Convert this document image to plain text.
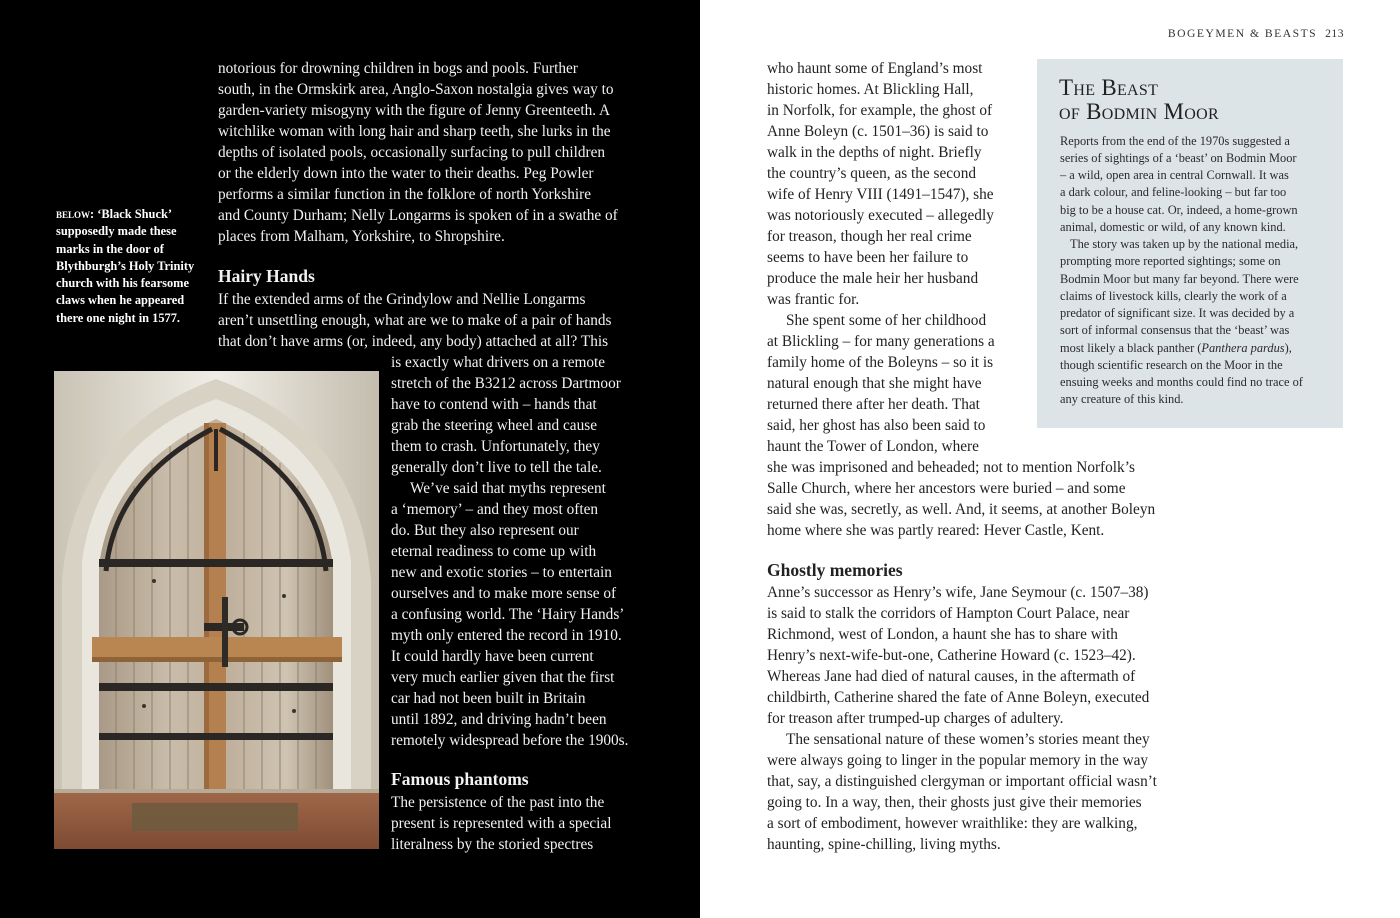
notorious for drowning children in bogs and pools. Further
south, in the Ormskirk area, Anglo-Saxon nostalgia gives way to
garden-variety misogyny with the figure of Jenny Greenteeth. A
witchlike woman with long hair and sharp teeth, she lurks in the
depths of isolated pools, occasionally surfacing to pull children
or the elderly down into the water to their deaths. Peg Powler
performs a similar function in the folklore of north Yorkshire
and County Durham; Nelly Longarms is spoken of in a swathe of
places from Malham, Yorkshire, to Shropshire.
Hairy Hands
If the extended arms of the Grindylow and Nellie Longarms
aren’t unsettling enough, what are we to make of a pair of hands
that don’t have arms (or, indeed, any body) attached at all? This
is exactly what drivers on a remote
stretch of the B3212 across Dartmoor
have to contend with – hands that
grab the steering wheel and cause
them to crash. Unfortunately, they
generally don’t live to tell the tale.
We’ve said that myths represent
a ‘memory’ – and they most often
do. But they also represent our
eternal readiness to come up with
new and exotic stories – to entertain
ourselves and to make more sense of
a confusing world. The ‘Hairy Hands’
myth only entered the record in 1910.
It could hardly have been current
very much earlier given that the first
car had not been built in Britain
until 1892, and driving hadn’t been
remotely widespread before the 1900s.
Famous phantoms
The persistence of the past into the
present is represented with a special
literalness by the storied spectres
below: ‘Black Shuck’ supposedly made these marks in the door of Blythburgh’s Holy Trinity church with his fearsome claws when he appeared there one night in 1577.
BOGEYMEN & BEASTS 213
who haunt some of England’s most
historic homes. At Blickling Hall,
in Norfolk, for example, the ghost of
Anne Boleyn (c. 1501–36) is said to
walk in the depths of night. Briefly
the country’s queen, as the second
wife of Henry VIII (1491–1547), she
was notoriously executed – allegedly
for treason, though her real crime
seems to have been her failure to
produce the male heir her husband
was frantic for.
She spent some of her childhood
at Blickling – for many generations a
family home of the Boleyns – so it is
natural enough that she might have
returned there after her death. That
said, her ghost has also been said to
haunt the Tower of London, where
she was imprisoned and beheaded; not to mention Norfolk’s
Salle Church, where her ancestors were buried – and some
said she was, secretly, as well. And, it seems, at another Boleyn
home where she was partly reared: Hever Castle, Kent.
Ghostly memories
Anne’s successor as Henry’s wife, Jane Seymour (c. 1507–38)
is said to stalk the corridors of Hampton Court Palace, near
Richmond, west of London, a haunt she has to share with
Henry’s next-wife-but-one, Catherine Howard (c. 1523–42).
Whereas Jane had died of natural causes, in the aftermath of
childbirth, Catherine shared the fate of Anne Boleyn, executed
for treason after trumped-up charges of adultery.
The sensational nature of these women’s stories meant they
were always going to linger in the popular memory in the way
that, say, a distinguished clergyman or important official wasn’t
going to. In a way, then, their ghosts just give their memories
a sort of embodiment, however wraithlike: they are walking,
haunting, spine-chilling, living myths.
The Beast
of Bodmin Moor
Reports from the end of the 1970s suggested a
series of sightings of a ‘beast’ on Bodmin Moor
– a wild, open area in central Cornwall. It was
a dark colour, and feline-looking – but far too
big to be a house cat. Or, indeed, a home-grown
animal, domestic or wild, of any known kind.
The story was taken up by the national media,
prompting more reported sightings; some on
Bodmin Moor but many far beyond. There were
claims of livestock kills, clearly the work of a
predator of significant size. It was decided by a
sort of informal consensus that the ‘beast’ was
most likely a black panther (Panthera pardus),
though scientific research on the Moor in the
ensuing weeks and months could find no trace of
any creature of this kind.
